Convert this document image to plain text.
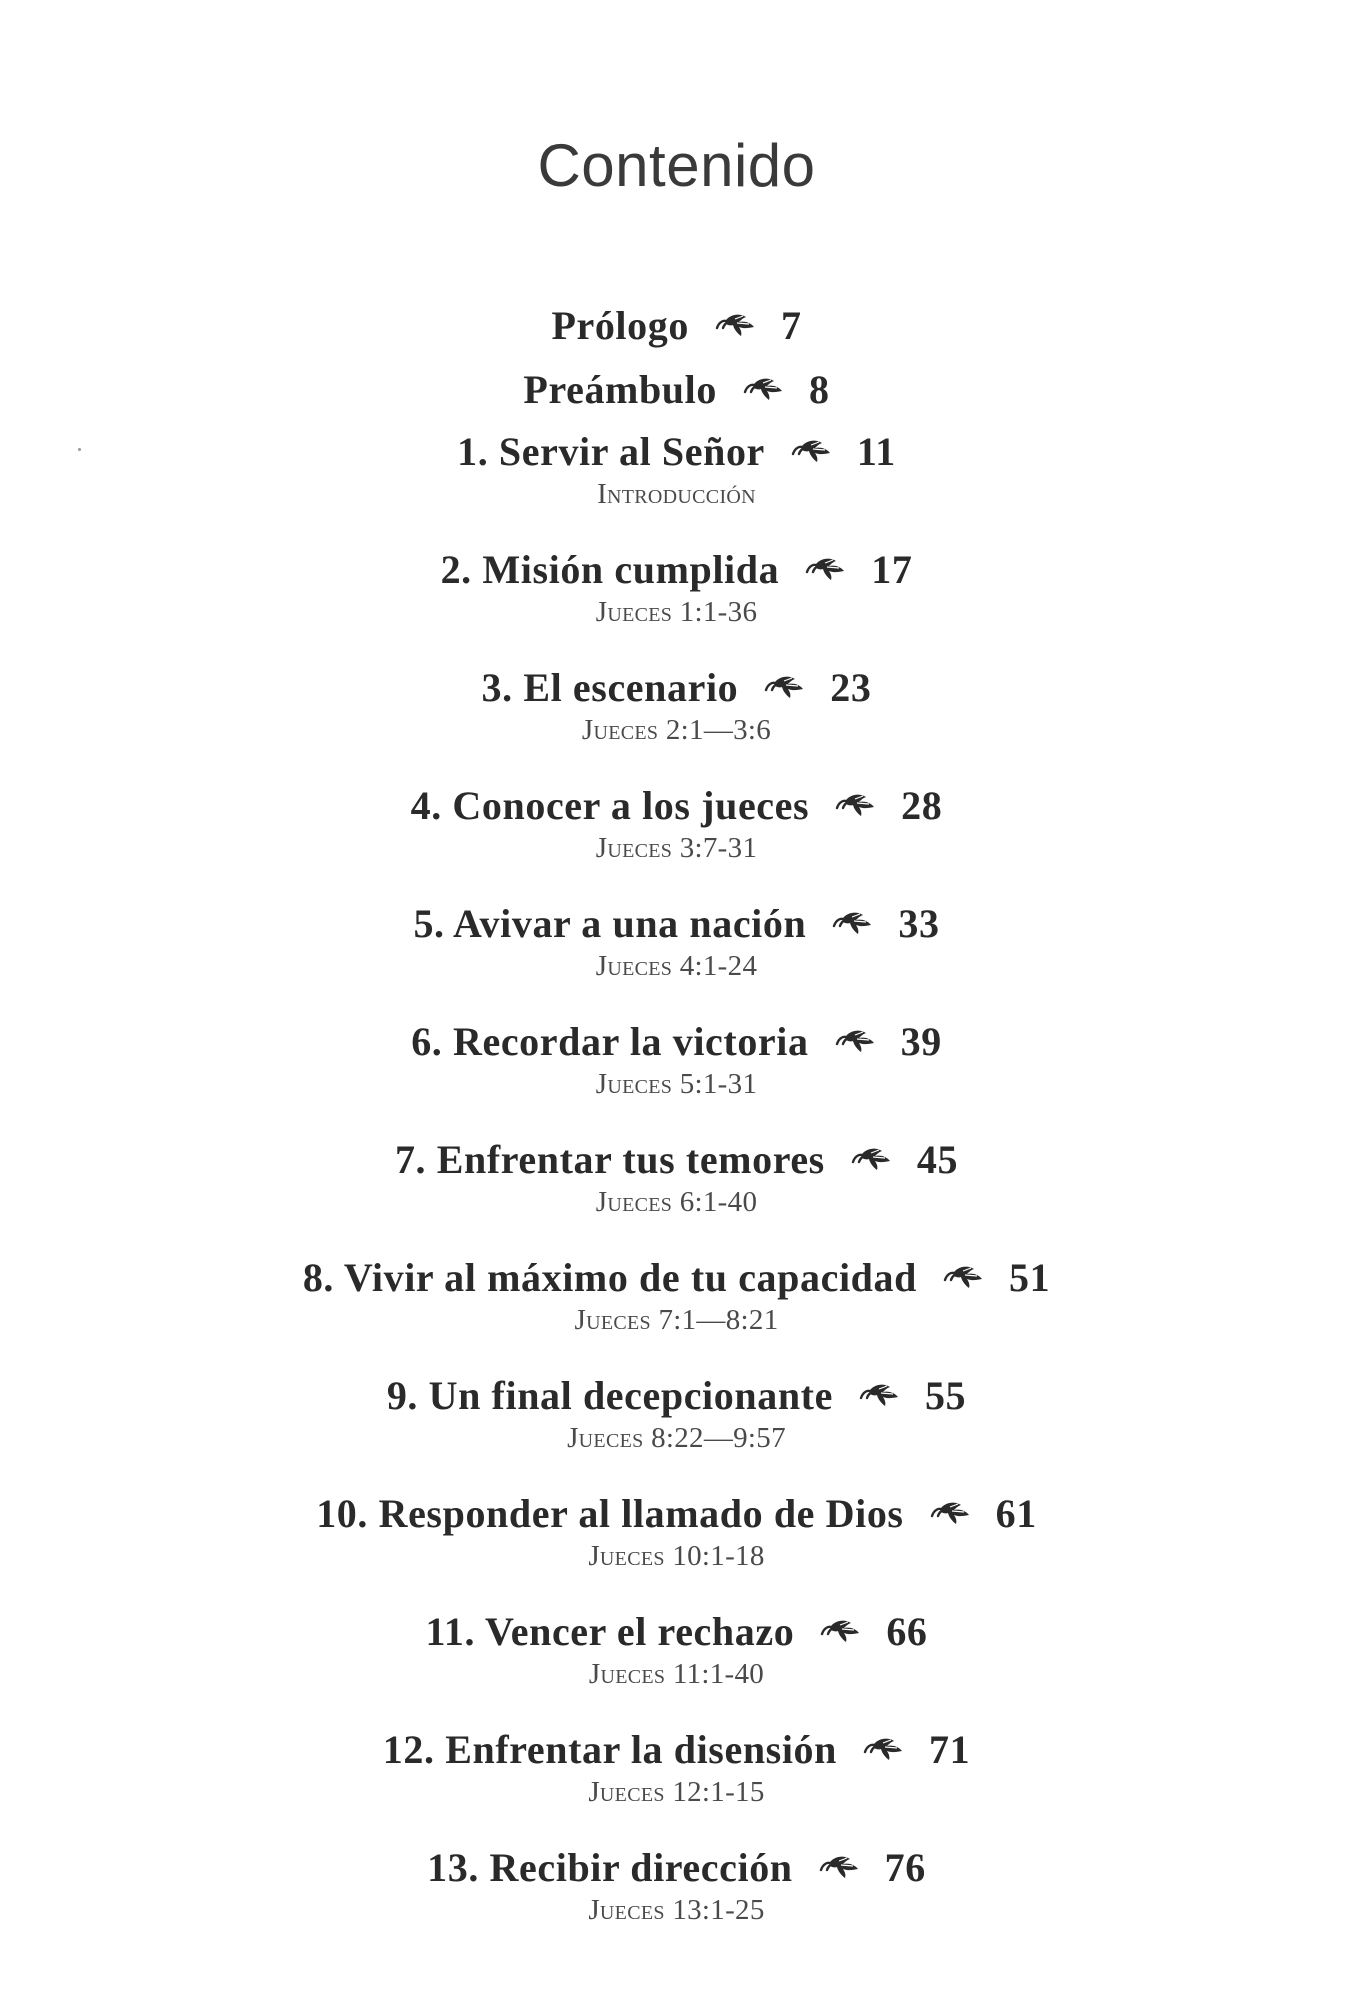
Contenido
Prólogo 7
Preámbulo 8
1. Servir al Señor 11
Introducción
2. Misión cumplida 17
Jueces 1:1-36
3. El escenario 23
Jueces 2:1—3:6
4. Conocer a los jueces 28
Jueces 3:7-31
5. Avivar a una nación 33
Jueces 4:1-24
6. Recordar la victoria 39
Jueces 5:1-31
7. Enfrentar tus temores 45
Jueces 6:1-40
8. Vivir al máximo de tu capacidad 51
Jueces 7:1—8:21
9. Un final decepcionante 55
Jueces 8:22—9:57
10. Responder al llamado de Dios 61
Jueces 10:1-18
11. Vencer el rechazo 66
Jueces 11:1-40
12. Enfrentar la disensión 71
Jueces 12:1-15
13. Recibir dirección 76
Jueces 13:1-25
